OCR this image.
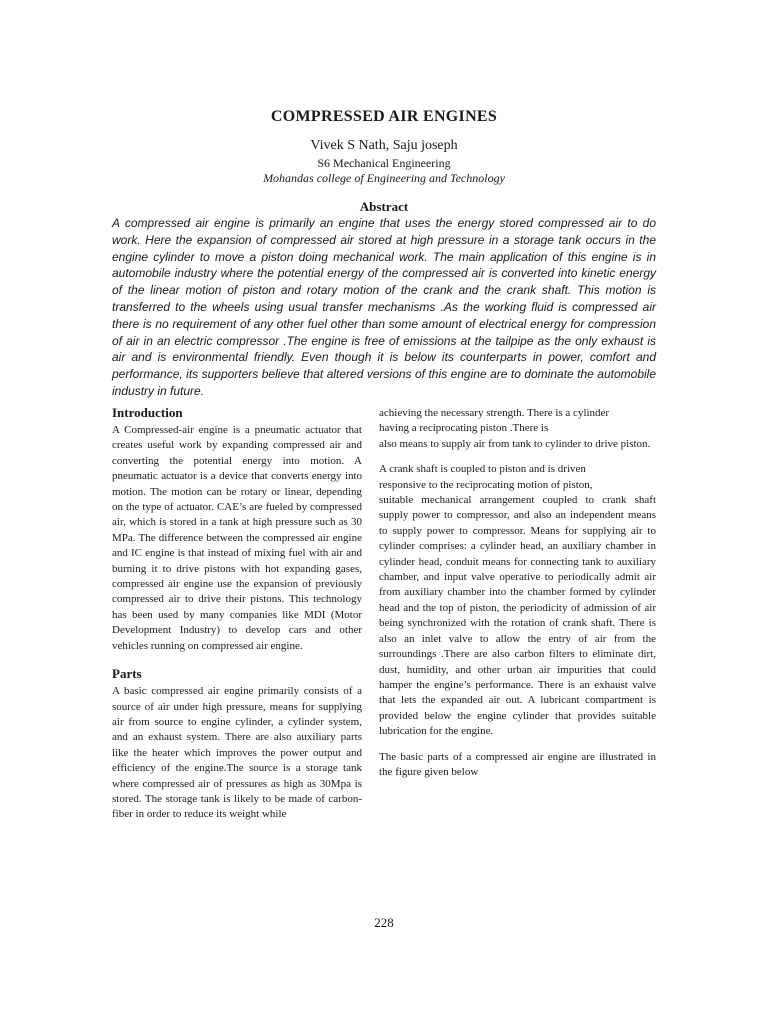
COMPRESSED AIR ENGINES
Vivek S Nath, Saju joseph
S6 Mechanical Engineering
Mohandas college of Engineering and Technology
Abstract
A compressed air engine is primarily an engine that uses the energy stored compressed air to do work. Here the expansion of compressed air stored at high pressure in a storage tank occurs in the engine cylinder to move a piston doing mechanical work. The main application of this engine is in automobile industry where the potential energy of the compressed air is converted into kinetic energy of the linear motion of piston and rotary motion of the crank and the crank shaft. This motion is transferred to the wheels using usual transfer mechanisms .As the working fluid is compressed air there is no requirement of any other fuel other than some amount of electrical energy for compression of air in an electric compressor .The engine is free of emissions at the tailpipe as the only exhaust is air and is environmental friendly. Even though it is below its counterparts in power, comfort and performance, its supporters believe that altered versions of this engine are to dominate the automobile industry in future.
Introduction

A Compressed-air engine is a pneumatic actuator that creates useful work by expanding compressed air and converting the potential energy into motion. A pneumatic actuator is a device that converts energy into motion. The motion can be rotary or linear, depending on the type of actuator. CAE’s are fueled by compressed air, which is stored in a tank at high pressure such as 30 MPa. The difference between the compressed air engine and IC engine is that instead of mixing fuel with air and burning it to drive pistons with hot expanding gases, compressed air engine use the expansion of previously compressed air to drive their pistons. This technology has been used by many companies like MDI (Motor Development Industry) to develop cars and other vehicles running on compressed air engine.

Parts

A basic compressed air engine primarily consists of a source of air under high pressure, means for supplying air from source to engine cylinder, a cylinder system, and an exhaust system. There are also auxiliary parts like the heater which improves the power output and efficiency of the engine.The source is a storage tank where compressed air of pressures as high as 30Mpa is stored. The storage tank is likely to be made of carbon-fiber in order to reduce its weight while

achieving the necessary strength. There is a cylinder
having a reciprocating piston .There is

also means to supply air from tank to cylinder to drive piston.

A crank shaft is coupled to piston and is driven
responsive to the reciprocating motion of piston,

suitable mechanical arrangement coupled to crank shaft supply power to compressor, and also an independent means to supply power to compressor. Means for supplying air to cylinder comprises: a cylinder head, an auxiliary chamber in cylinder head, conduit means for connecting tank to auxiliary chamber, and input valve operative to periodically admit air from auxiliary chamber into the chamber formed by cylinder head and the top of piston, the periodicity of admission of air being synchronized with the rotation of crank shaft. There is also an inlet valve to allow the entry of air from the surroundings .There are also carbon filters to eliminate dirt, dust, humidity, and other urban air impurities that could hamper the engine’s performance. There is an exhaust valve that lets the expanded air out. A lubricant compartment is provided below the engine cylinder that provides suitable lubrication for the engine.

The basic parts of a compressed air engine are illustrated in the figure given below

228
